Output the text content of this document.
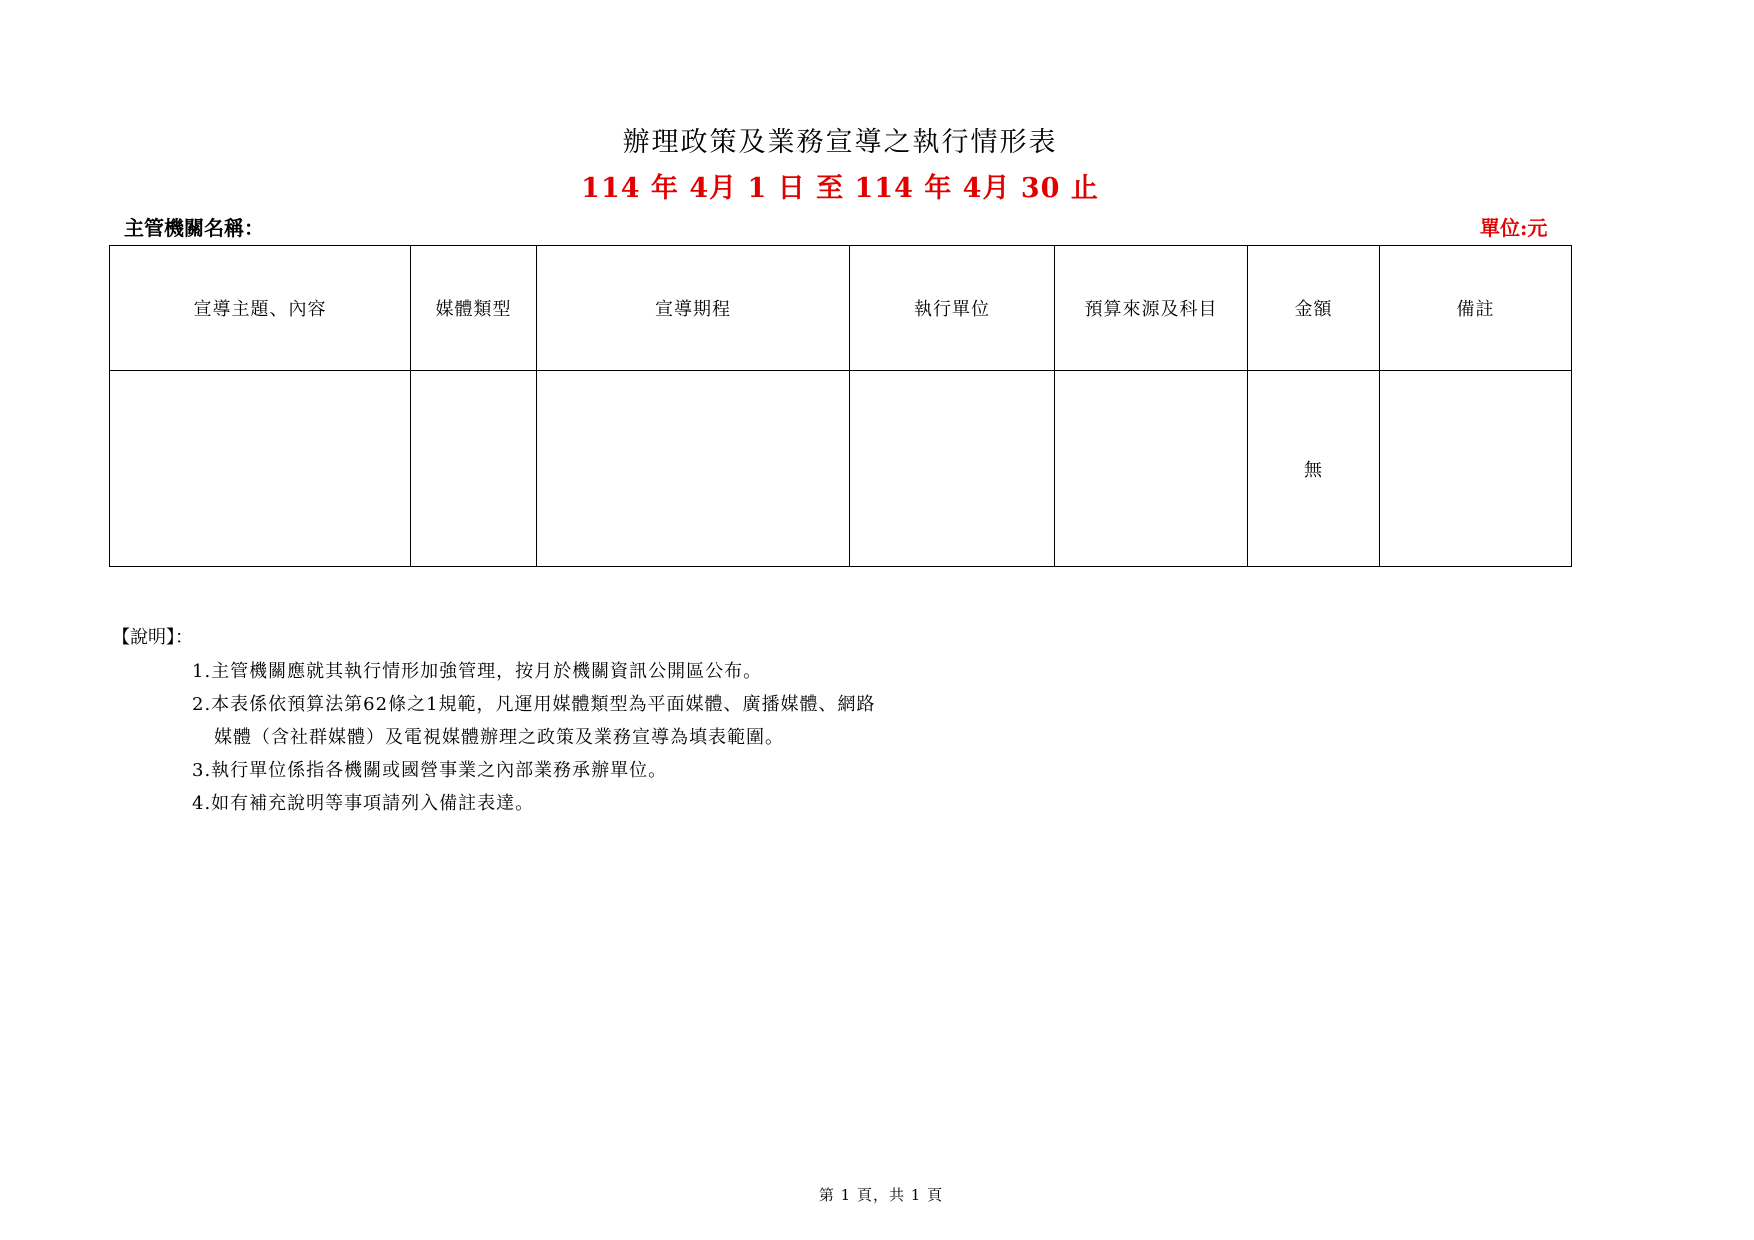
辦理政策及業務宣導之執行情形表
114 年 4月 1 日 至 114 年 4月 30 止
主管機關名稱：	單位:元
宣導主題、內容	媒體類型	宣導期程	執行單位	預算來源及科目	金額	備註
					無	
【說明】：
1.主管機關應就其執行情形加強管理，按月於機關資訊公開區公布。
2.本表係依預算法第62條之1規範，凡運用媒體類型為平面媒體、廣播媒體、網路
媒體（含社群媒體）及電視媒體辦理之政策及業務宣導為填表範圍。
3.執行單位係指各機關或國營事業之內部業務承辦單位。
4.如有補充說明等事項請列入備註表達。
第 1 頁，共 1 頁
